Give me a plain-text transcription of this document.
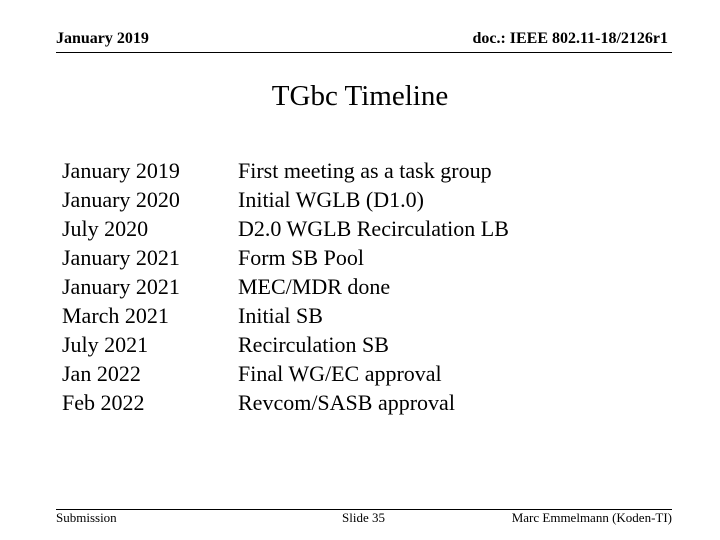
January 2019	doc.: IEEE 802.11-18/2126r1
TGbc Timeline
January 2019	First meeting as a task group
January 2020	Initial WGLB (D1.0)
July 2020	D2.0 WGLB Recirculation LB
January 2021	Form SB Pool
January 2021	MEC/MDR done
March 2021	Initial SB
July 2021	Recirculation SB
Jan 2022	Final WG/EC approval
Feb 2022	Revcom/SASB approval
Submission	Slide 35	Marc Emmelmann (Koden-TI)
